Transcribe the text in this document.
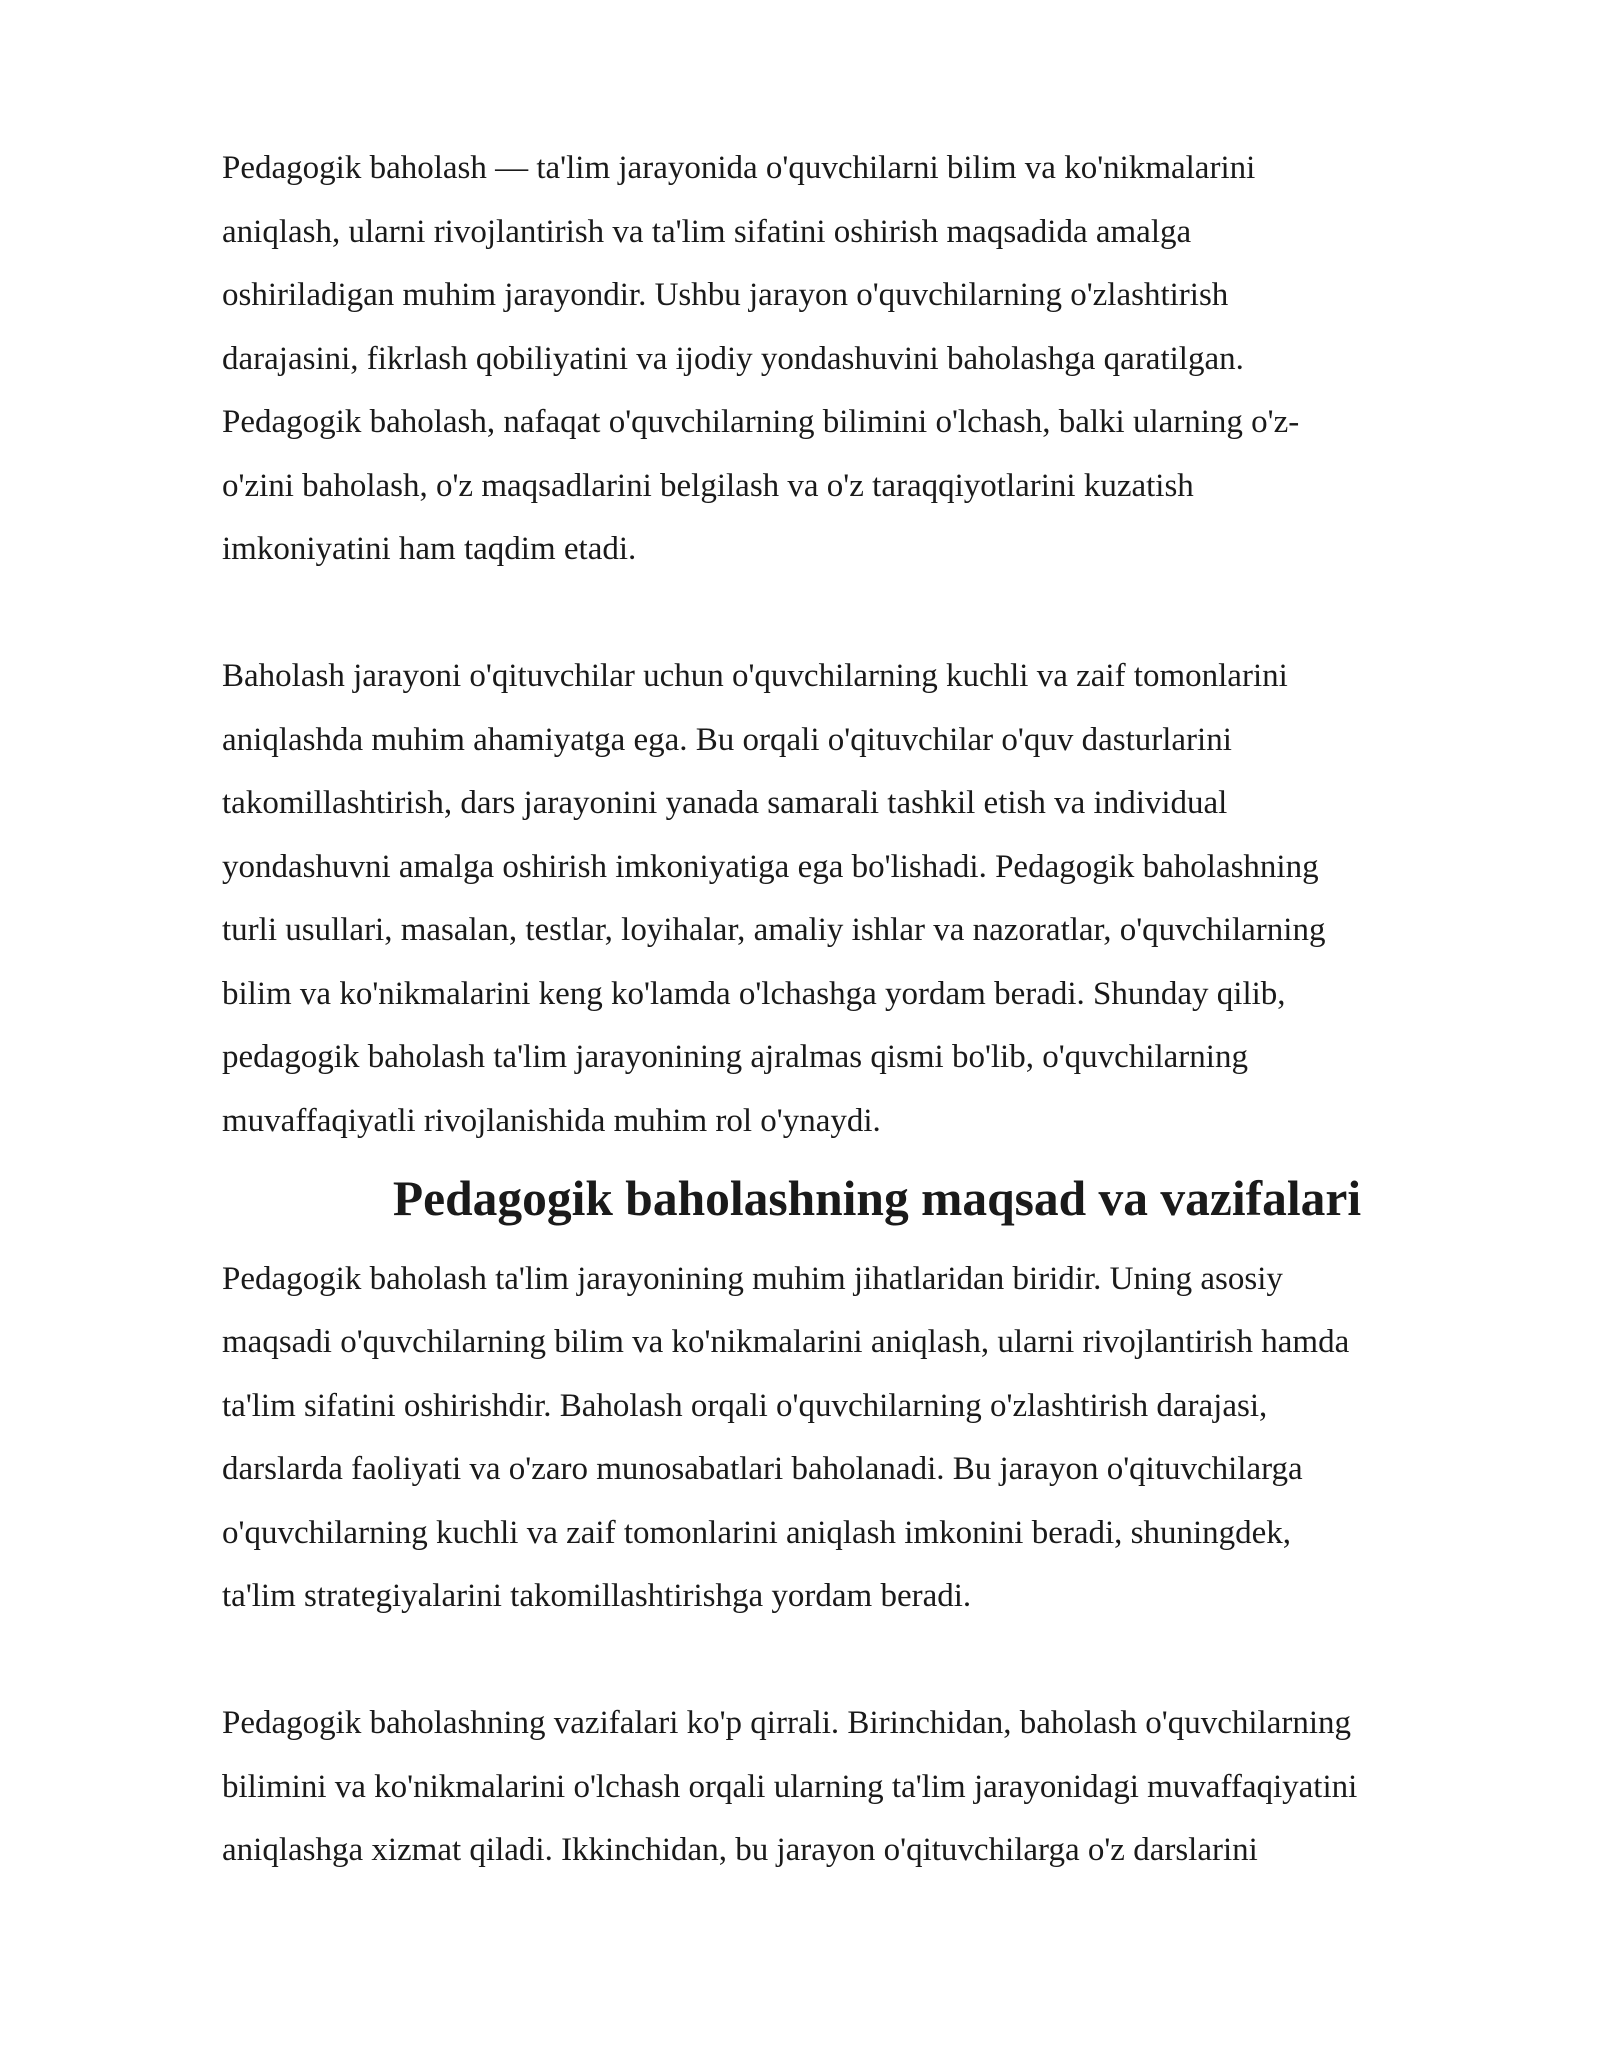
Pedagogik baholash — ta'lim jarayonida o'quvchilarni bilim va ko'nikmalarini
aniqlash, ularni rivojlantirish va ta'lim sifatini oshirish maqsadida amalga
oshiriladigan muhim jarayondir. Ushbu jarayon o'quvchilarning o'zlashtirish
darajasini, fikrlash qobiliyatini va ijodiy yondashuvini baholashga qaratilgan.
Pedagogik baholash, nafaqat o'quvchilarning bilimini o'lchash, balki ularning o'z-
o'zini baholash, o'z maqsadlarini belgilash va o'z taraqqiyotlarini kuzatish
imkoniyatini ham taqdim etadi.
Baholash jarayoni o'qituvchilar uchun o'quvchilarning kuchli va zaif tomonlarini
aniqlashda muhim ahamiyatga ega. Bu orqali o'qituvchilar o'quv dasturlarini
takomillashtirish, dars jarayonini yanada samarali tashkil etish va individual
yondashuvni amalga oshirish imkoniyatiga ega bo'lishadi. Pedagogik baholashning
turli usullari, masalan, testlar, loyihalar, amaliy ishlar va nazoratlar, o'quvchilarning
bilim va ko'nikmalarini keng ko'lamda o'lchashga yordam beradi. Shunday qilib,
pedagogik baholash ta'lim jarayonining ajralmas qismi bo'lib, o'quvchilarning
muvaffaqiyatli rivojlanishida muhim rol o'ynaydi.
Pedagogik baholashning maqsad va vazifalari
Pedagogik baholash ta'lim jarayonining muhim jihatlaridan biridir. Uning asosiy
maqsadi o'quvchilarning bilim va ko'nikmalarini aniqlash, ularni rivojlantirish hamda
ta'lim sifatini oshirishdir. Baholash orqali o'quvchilarning o'zlashtirish darajasi,
darslarda faoliyati va o'zaro munosabatlari baholanadi. Bu jarayon o'qituvchilarga
o'quvchilarning kuchli va zaif tomonlarini aniqlash imkonini beradi, shuningdek,
ta'lim strategiyalarini takomillashtirishga yordam beradi.
Pedagogik baholashning vazifalari ko'p qirrali. Birinchidan, baholash o'quvchilarning
bilimini va ko'nikmalarini o'lchash orqali ularning ta'lim jarayonidagi muvaffaqiyatini
aniqlashga xizmat qiladi. Ikkinchidan, bu jarayon o'qituvchilarga o'z darslarini
